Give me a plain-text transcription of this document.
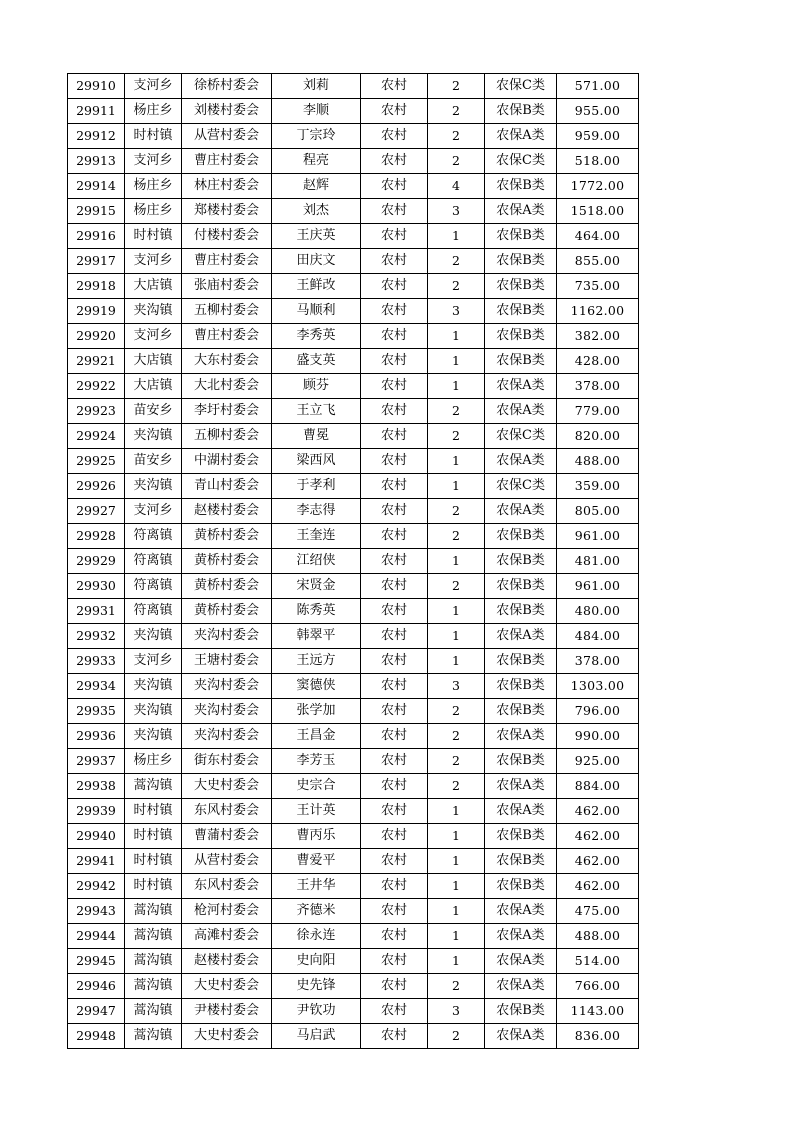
29910	支河乡	徐桥村委会	刘莉	农村	2	农保C类	571.00
29911	杨庄乡	刘楼村委会	李顺	农村	2	农保B类	955.00
29912	时村镇	从营村委会	丁宗玲	农村	2	农保A类	959.00
29913	支河乡	曹庄村委会	程亮	农村	2	农保C类	518.00
29914	杨庄乡	林庄村委会	赵辉	农村	4	农保B类	1772.00
29915	杨庄乡	郑楼村委会	刘杰	农村	3	农保A类	1518.00
29916	时村镇	付楼村委会	王庆英	农村	1	农保B类	464.00
29917	支河乡	曹庄村委会	田庆文	农村	2	农保B类	855.00
29918	大店镇	张庙村委会	王鲜改	农村	2	农保B类	735.00
29919	夹沟镇	五柳村委会	马顺利	农村	3	农保B类	1162.00
29920	支河乡	曹庄村委会	李秀英	农村	1	农保B类	382.00
29921	大店镇	大东村委会	盛支英	农村	1	农保B类	428.00
29922	大店镇	大北村委会	顾芬	农村	1	农保A类	378.00
29923	苗安乡	李圩村委会	王立飞	农村	2	农保A类	779.00
29924	夹沟镇	五柳村委会	曹冕	农村	2	农保C类	820.00
29925	苗安乡	中湖村委会	梁西风	农村	1	农保A类	488.00
29926	夹沟镇	青山村委会	于孝利	农村	1	农保C类	359.00
29927	支河乡	赵楼村委会	李志得	农村	2	农保A类	805.00
29928	符离镇	黄桥村委会	王奎连	农村	2	农保B类	961.00
29929	符离镇	黄桥村委会	江绍侠	农村	1	农保B类	481.00
29930	符离镇	黄桥村委会	宋贤金	农村	2	农保B类	961.00
29931	符离镇	黄桥村委会	陈秀英	农村	1	农保B类	480.00
29932	夹沟镇	夹沟村委会	韩翠平	农村	1	农保A类	484.00
29933	支河乡	王塘村委会	王远方	农村	1	农保B类	378.00
29934	夹沟镇	夹沟村委会	窦德侠	农村	3	农保B类	1303.00
29935	夹沟镇	夹沟村委会	张学加	农村	2	农保B类	796.00
29936	夹沟镇	夹沟村委会	王昌金	农村	2	农保A类	990.00
29937	杨庄乡	街东村委会	李芳玉	农村	2	农保B类	925.00
29938	蒿沟镇	大史村委会	史宗合	农村	2	农保A类	884.00
29939	时村镇	东风村委会	王计英	农村	1	农保A类	462.00
29940	时村镇	曹蒲村委会	曹丙乐	农村	1	农保B类	462.00
29941	时村镇	从营村委会	曹爱平	农村	1	农保B类	462.00
29942	时村镇	东风村委会	王井华	农村	1	农保B类	462.00
29943	蒿沟镇	枪河村委会	齐德米	农村	1	农保A类	475.00
29944	蒿沟镇	高滩村委会	徐永连	农村	1	农保A类	488.00
29945	蒿沟镇	赵楼村委会	史向阳	农村	1	农保A类	514.00
29946	蒿沟镇	大史村委会	史先锋	农村	2	农保A类	766.00
29947	蒿沟镇	尹楼村委会	尹钦功	农村	3	农保B类	1143.00
29948	蒿沟镇	大史村委会	马启武	农村	2	农保A类	836.00
